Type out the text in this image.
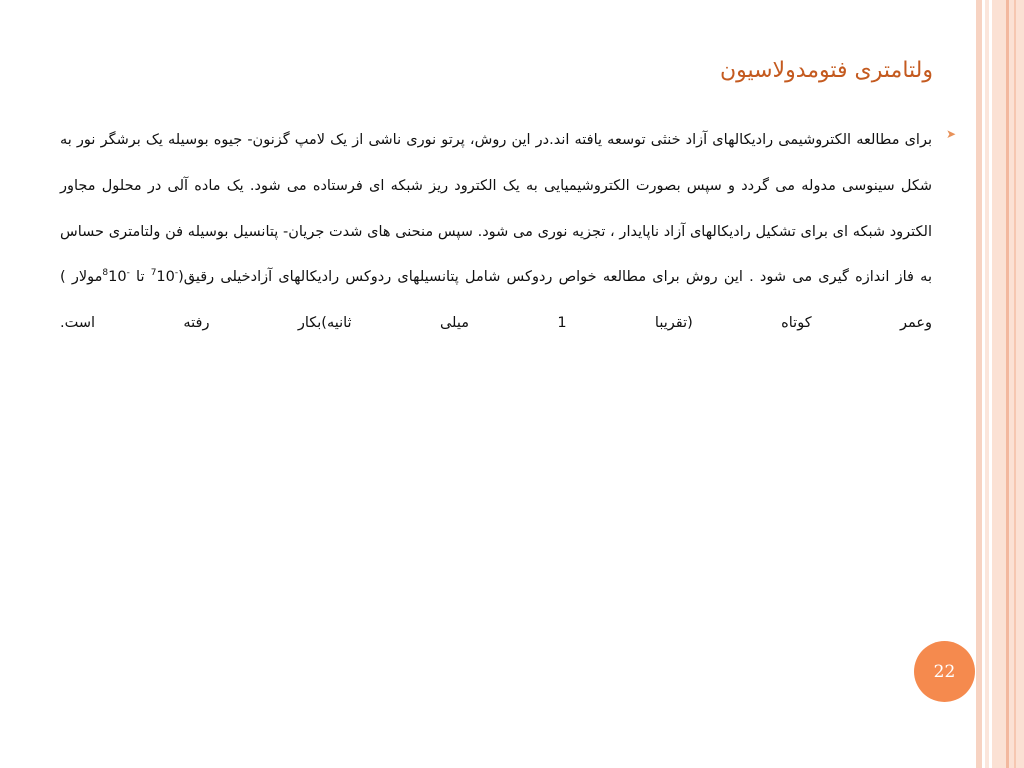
ولتامتری فتومدولاسیون
➤
برای مطالعه الکتروشیمی رادیکالهای آزاد خنثی توسعه یافته اند.در این روش، پرتو نوری ناشی از یک لامپ گزنون- جیوه بوسیله یک برشگر نور به شکل سینوسی مدوله می گردد و سپس بصورت الکتروشیمیایی به یک الکترود ریز شبکه ای فرستاده می شود. یک ماده آلی در محلول مجاور الکترود شبکه ای برای تشکیل رادیکالهای آزاد ناپایدار ، تجزیه نوری می شود. سپس منحنی های شدت جریان- پتانسیل بوسیله فن ولتامتری حساس به فاز اندازه گیری می شود . این روش برای مطالعه خواص ردوکس شامل پتانسیلهای ردوکس رادیکالهای آزادخیلی رقیق($^{-7}$10 تا $^{-8}$10مولار ) وعمر کوتاه (تقریبا 1 میلی ثانیه)بکار رفته است.
22
